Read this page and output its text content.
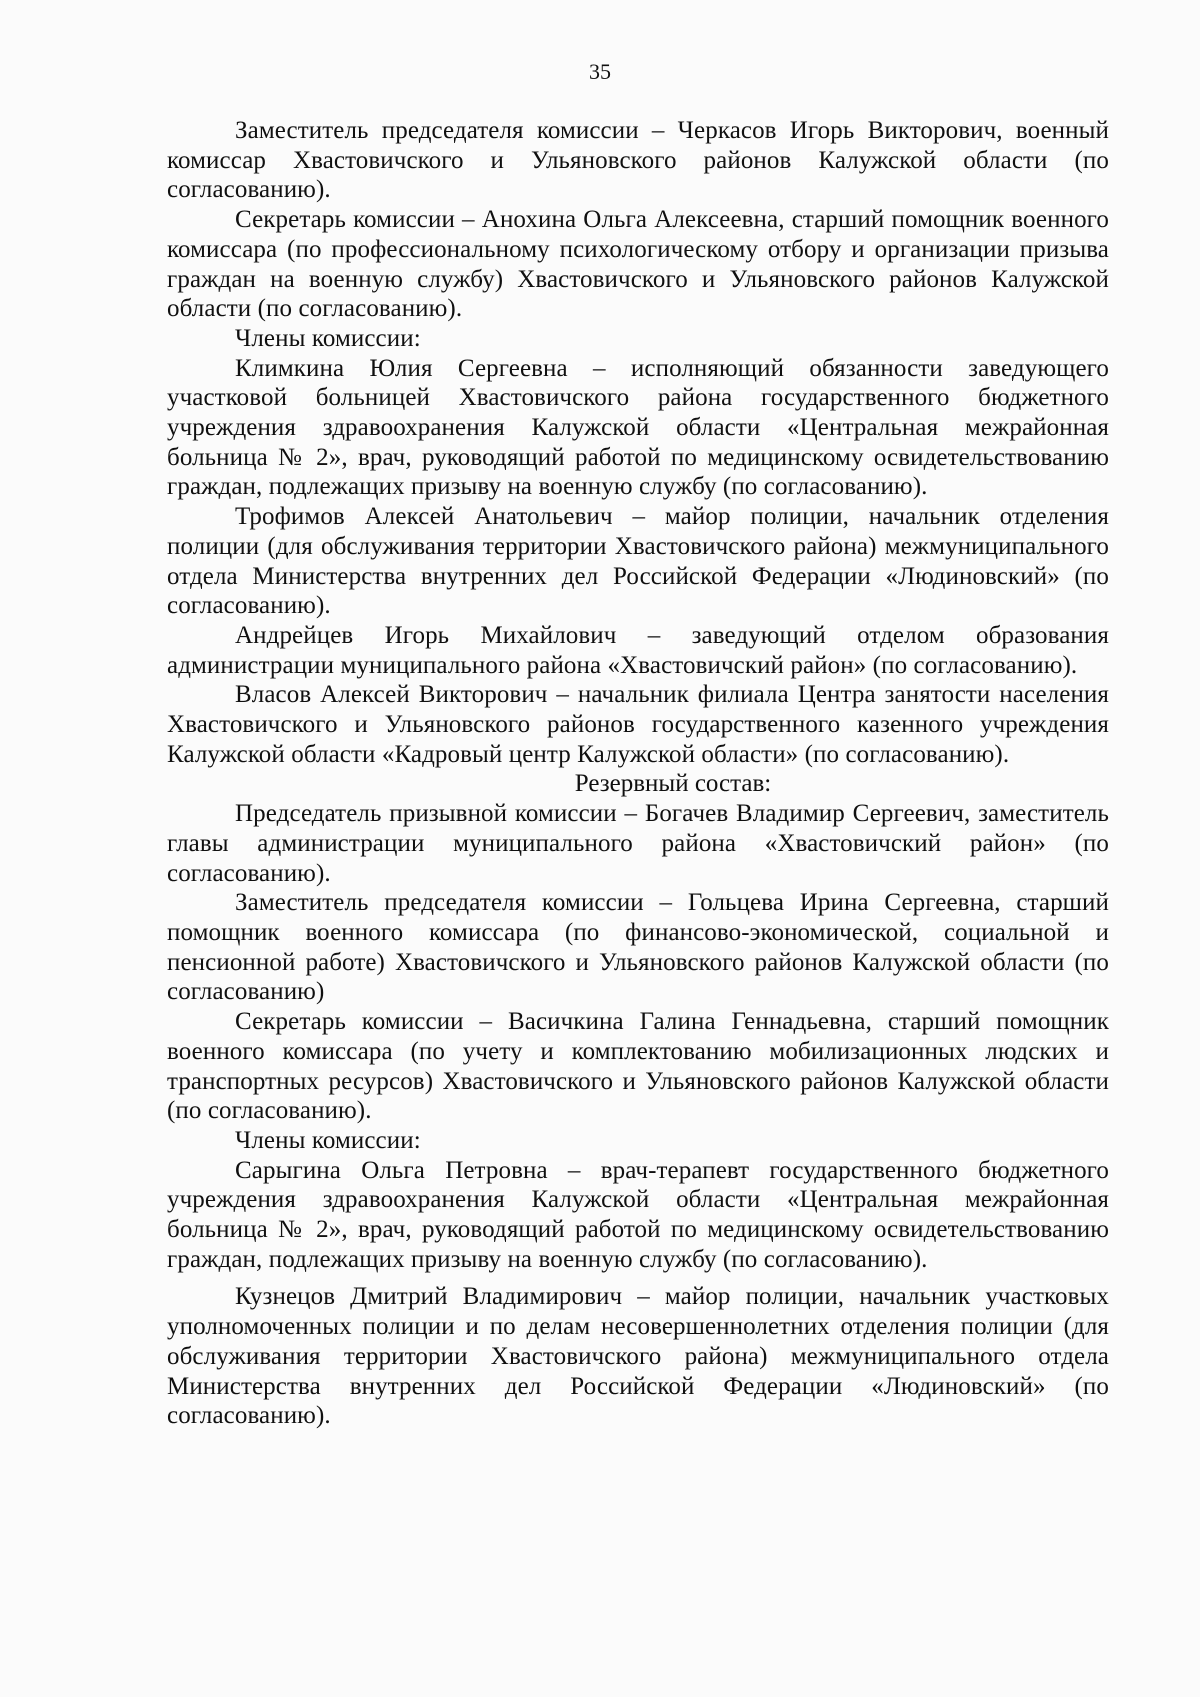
35

Заместитель председателя комиссии – Черкасов Игорь Викторович, военный комиссар Хвастовичского и Ульяновского районов Калужской области (по согласованию).

Секретарь комиссии – Анохина Ольга Алексеевна, старший помощник военного комиссара (по профессиональному психологическому отбору и организации призыва граждан на военную службу) Хвастовичского и Ульяновского районов Калужской области (по согласованию).

Члены комиссии:

Климкина Юлия Сергеевна – исполняющий обязанности заведующего участковой больницей Хвастовичского района государственного бюджетного учреждения здравоохранения Калужской области «Центральная межрайонная больница № 2», врач, руководящий работой по медицинскому освидетельствованию граждан, подлежащих призыву на военную службу (по согласованию).

Трофимов Алексей Анатольевич – майор полиции, начальник отделения полиции (для обслуживания территории Хвастовичского района) межмуниципального отдела Министерства внутренних дел Российской Федерации «Людиновский» (по согласованию).

Андрейцев Игорь Михайлович – заведующий отделом образования администрации муниципального района «Хвастовичский район» (по согласованию).

Власов Алексей Викторович – начальник филиала Центра занятости населения Хвастовичского и Ульяновского районов государственного казенного учреждения Калужской области «Кадровый центр Калужской области» (по согласованию).

Резервный состав:

Председатель призывной комиссии – Богачев Владимир Сергеевич, заместитель главы администрации муниципального района «Хвастовичский район» (по согласованию).

Заместитель председателя комиссии – Гольцева Ирина Сергеевна, старший помощник военного комиссара (по финансово-экономической, социальной и пенсионной работе) Хвастовичского и Ульяновского районов Калужской области (по согласованию)

Секретарь комиссии – Васичкина Галина Геннадьевна, старший помощник военного комиссара (по учету и комплектованию мобилизационных людских и транспортных ресурсов) Хвастовичского и Ульяновского районов Калужской области (по согласованию).

Члены комиссии:

Сарыгина Ольга Петровна – врач-терапевт государственного бюджетного учреждения здравоохранения Калужской области «Центральная межрайонная больница № 2», врач, руководящий работой по медицинскому освидетельствованию граждан, подлежащих призыву на военную службу (по согласованию).

Кузнецов Дмитрий Владимирович – майор полиции, начальник участковых уполномоченных полиции и по делам несовершеннолетних отделения полиции (для обслуживания территории Хвастовичского района) межмуниципального отдела Министерства внутренних дел Российской Федерации «Людиновский» (по согласованию).
